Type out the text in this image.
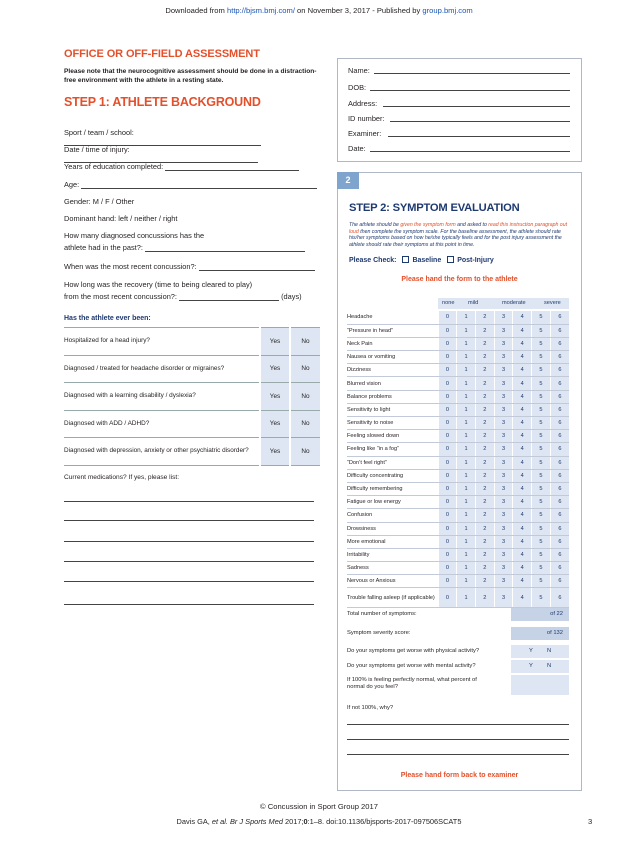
Downloaded from http://bjsm.bmj.com/ on November 3, 2017 - Published by group.bmj.com
OFFICE OR OFF-FIELD ASSESSMENT
Please note that the neurocognitive assessment should be done in a distraction-free environment with the athlete in a resting state.
STEP 1: ATHLETE BACKGROUND
Sport / team / school:
Date / time of injury:
Years of education completed:
Age:
Gender: M / F / Other
Dominant hand: left / neither / right
How many diagnosed concussions has the
athlete had in the past?:
When was the most recent concussion?:
How long was the recovery (time to being cleared to play)
from the most recent concussion?:	(days)
Has the athlete ever been:
Hospitalized for a head injury?	Yes	No
Diagnosed / treated for headache disorder or migraines?	Yes	No
Diagnosed with a learning disability / dyslexia?	Yes	No
Diagnosed with ADD / ADHD?	Yes	No
Diagnosed with depression, anxiety or other psychiatric disorder?	Yes	No
Current medications? If yes, please list:
Name:
DOB:
Address:
ID number:
Examiner:
Date:
2
STEP 2: SYMPTOM EVALUATION
The athlete should be given the symptom form and asked to read this instruction paragraph out loud then complete the symptom scale. For the baseline assessment, the athlete should rate his/her symptoms based on how he/she typically feels and for the post injury assessment the athlete should rate their symptoms at this point in time.
Please Check: Baseline Post-Injury
Please hand the form to the athlete
none mild	moderate	severe
Headache	0	1	2	3	4	5	6
“Pressure in head”	0	1	2	3	4	5	6
Neck Pain	0	1	2	3	4	5	6
Nausea or vomiting	0	1	2	3	4	5	6
Dizziness	0	1	2	3	4	5	6
Blurred vision	0	1	2	3	4	5	6
Balance problems	0	1	2	3	4	5	6
Sensitivity to light	0	1	2	3	4	5	6
Sensitivity to noise	0	1	2	3	4	5	6
Feeling slowed down	0	1	2	3	4	5	6
Feeling like “in a fog“	0	1	2	3	4	5	6
“Don’t feel right”	0	1	2	3	4	5	6
Difficulty concentrating	0	1	2	3	4	5	6
Difficulty remembering	0	1	2	3	4	5	6
Fatigue or low energy	0	1	2	3	4	5	6
Confusion	0	1	2	3	4	5	6
Drowsiness	0	1	2	3	4	5	6
More emotional	0	1	2	3	4	5	6
Irritability	0	1	2	3	4	5	6
Sadness	0	1	2	3	4	5	6
Nervous or Anxious	0	1	2	3	4	5	6
Trouble falling asleep (if applicable)	0	1	2	3	4	5	6
Total number of symptoms:	of 22
Symptom severity score:	of 132
Do your symptoms get worse with physical activity?	Y N
Do your symptoms get worse with mental activity?	Y N
If 100% is feeling perfectly normal, what percent of normal do you feel?
If not 100%, why?
Please hand form back to examiner
© Concussion in Sport Group 2017
Davis GA, et al. Br J Sports Med 2017;0:1–8. doi:10.1136/bjsports-2017-097506SCAT5	3
